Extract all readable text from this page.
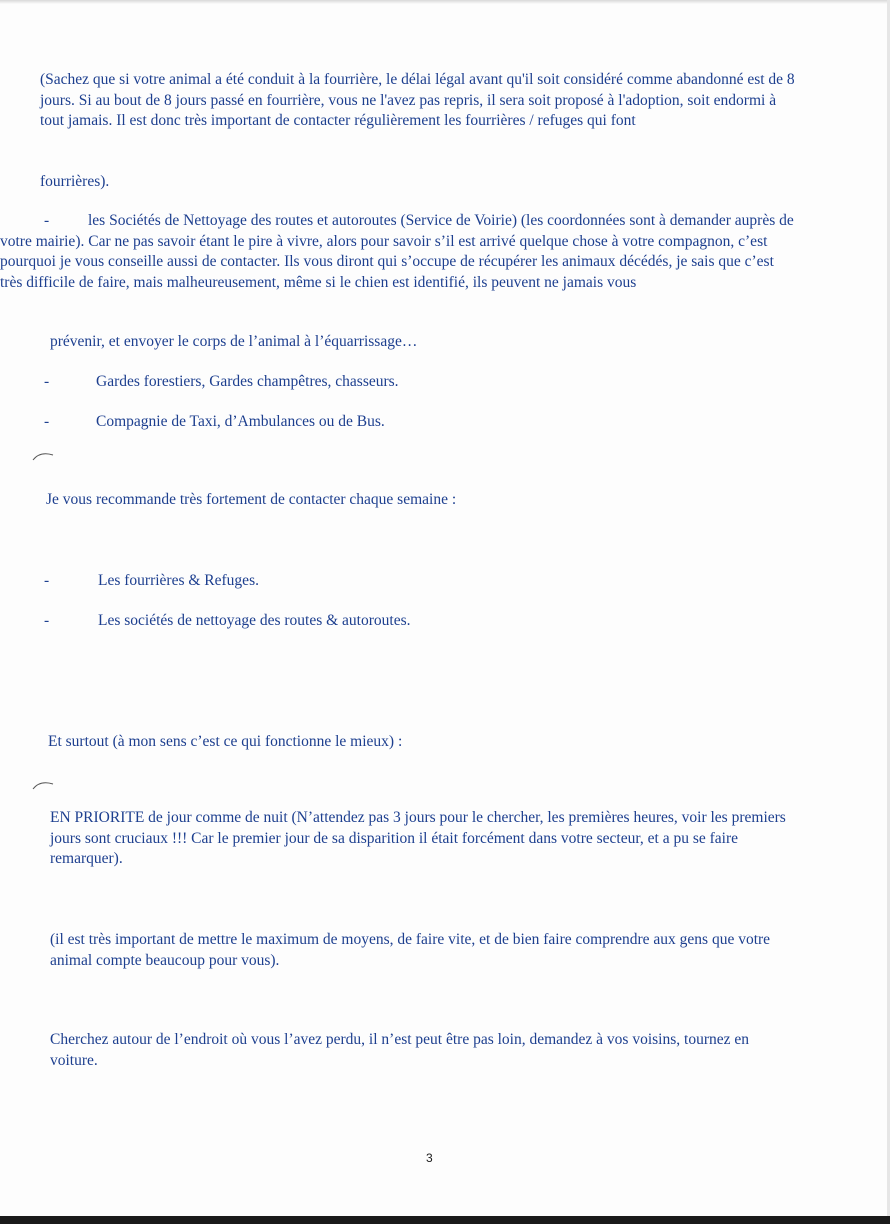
(Sachez que si votre animal a été conduit à la fourrière, le délai légal avant qu'il soit considéré comme abandonné est de 8 jours. Si au bout de 8 jours passé en fourrière, vous ne l'avez pas repris, il sera soit proposé à l'adoption, soit endormi à tout jamais. Il est donc très important de contacter régulièrement les fourrières / refuges qui font

fourrières).

-	les Sociétés de Nettoyage des routes et autoroutes (Service de Voirie) (les coordonnées sont à demander auprès de votre mairie). Car ne pas savoir étant le pire à vivre, alors pour savoir s’il est arrivé quelque chose à votre compagnon, c’est pourquoi je vous conseille aussi de contacter. Ils vous diront qui s’occupe de récupérer les animaux décédés, je sais que c’est très difficile de faire, mais malheureusement, même si le chien est identifié, ils peuvent ne jamais vous

prévenir, et envoyer le corps de l’animal à l’équarrissage…

-	Gardes forestiers, Gardes champêtres, chasseurs.
-	Compagnie de Taxi, d’Ambulances ou de Bus.

Je vous recommande très fortement de contacter chaque semaine :

-	Les fourrières & Refuges.
-	Les sociétés de nettoyage des routes & autoroutes.

Et surtout (à mon sens c’est ce qui fonctionne le mieux) :

EN PRIORITE de jour comme de nuit (N’attendez pas 3 jours pour le chercher, les premières heures, voir les premiers jours sont cruciaux !!! Car le premier jour de sa disparition il était forcément dans votre secteur, et a pu se faire remarquer).

(il est très important de mettre le maximum de moyens, de faire vite, et de bien faire comprendre aux gens que votre animal compte beaucoup pour vous).

Cherchez autour de l’endroit où vous l’avez perdu, il n’est peut être pas loin, demandez à vos voisins, tournez en voiture.

3
